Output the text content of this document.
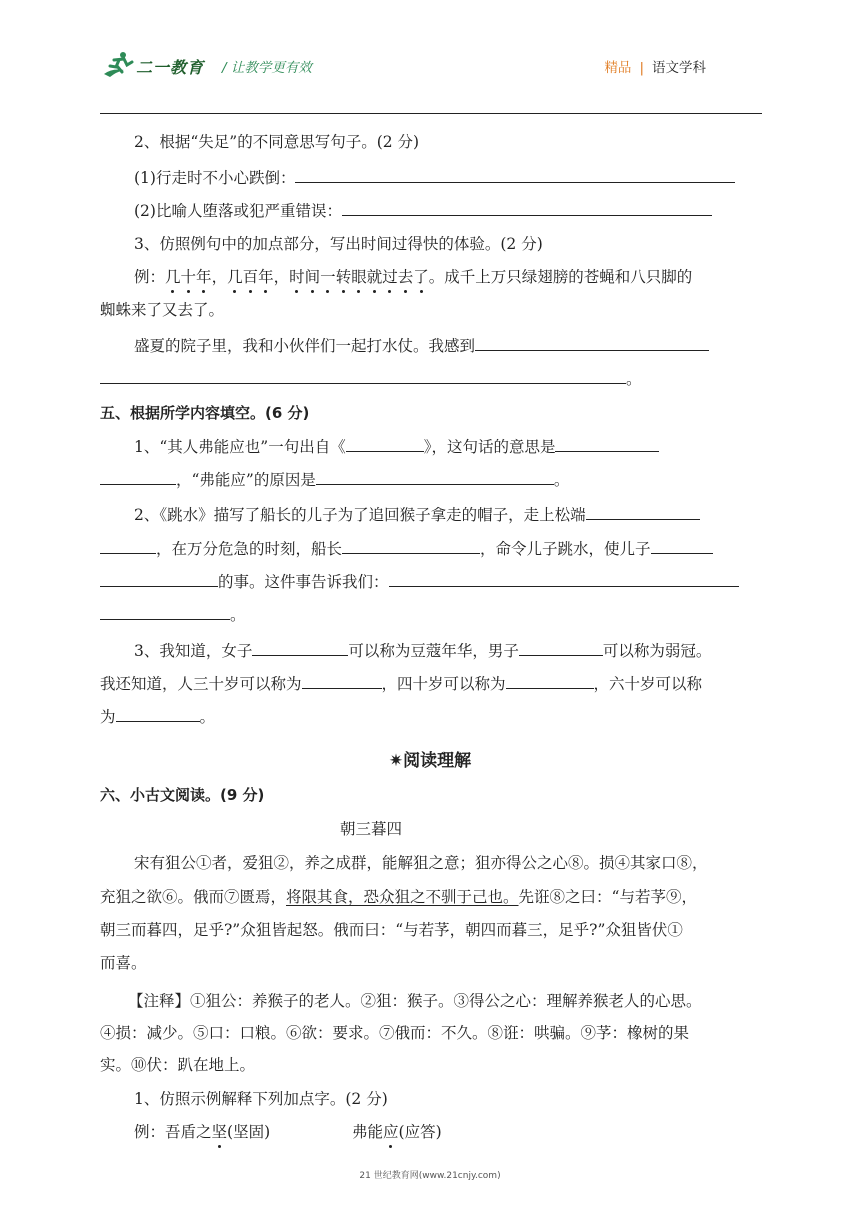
二一教育 / 让教学更有效	精品 | 语文学科
2、根据“失足”的不同意思写句子。(2 分)
(1)行走时不小心跌倒：
(2)比喻人堕落或犯严重错误：
3、仿照例句中的加点部分，写出时间过得快的体验。(2 分)
例：几十年，几百年，时间一转眼就过去了。成千上万只绿翅膀的苍蝇和八只脚的
蜘蛛来了又去了。
盛夏的院子里，我和小伙伴们一起打水仗。我感到
。
五、根据所学内容填空。(6 分)
1、“其人弗能应也”一句出自《	》，这句话的意思是
，“弗能应”的原因是	。
2、《跳水》描写了船长的儿子为了追回猴子拿走的帽子，走上松端
，在万分危急的时刻，船长	，命令儿子跳水，使儿子
的事。这件事告诉我们：
。
3、我知道，女子	可以称为豆蔻年华，男子	可以称为弱冠。
我还知道，人三十岁可以称为	，四十岁可以称为	，六十岁可以称
为	。
✷阅读理解
六、小古文阅读。(9 分)
朝三暮四
宋有狙公①者，爱狙②，养之成群，能解狙之意；狙亦得公之心⑧。损④其家口⑧，
充狙之欲⑥。俄而⑦匮焉，将限其食，恐众狙之不驯于己也。先诳⑧之曰：“与若芧⑨，
朝三而暮四，足乎?”众狙皆起怒。俄而曰：“与若芧，朝四而暮三，足乎?”众狙皆伏①
而喜。
【注释】①狙公：养猴子的老人。②狙：猴子。③得公之心：理解养猴老人的心思。
④损：减少。⑤口：口粮。⑥欲：要求。⑦俄而：不久。⑧诳：哄骗。⑨芧：橡树的果
实。⑩伏：趴在地上。
1、仿照示例解释下列加点字。(2 分)
例：吾盾之坚(坚固)	弗能应(应答)
21 世纪教育网(www.21cnjy.com)
